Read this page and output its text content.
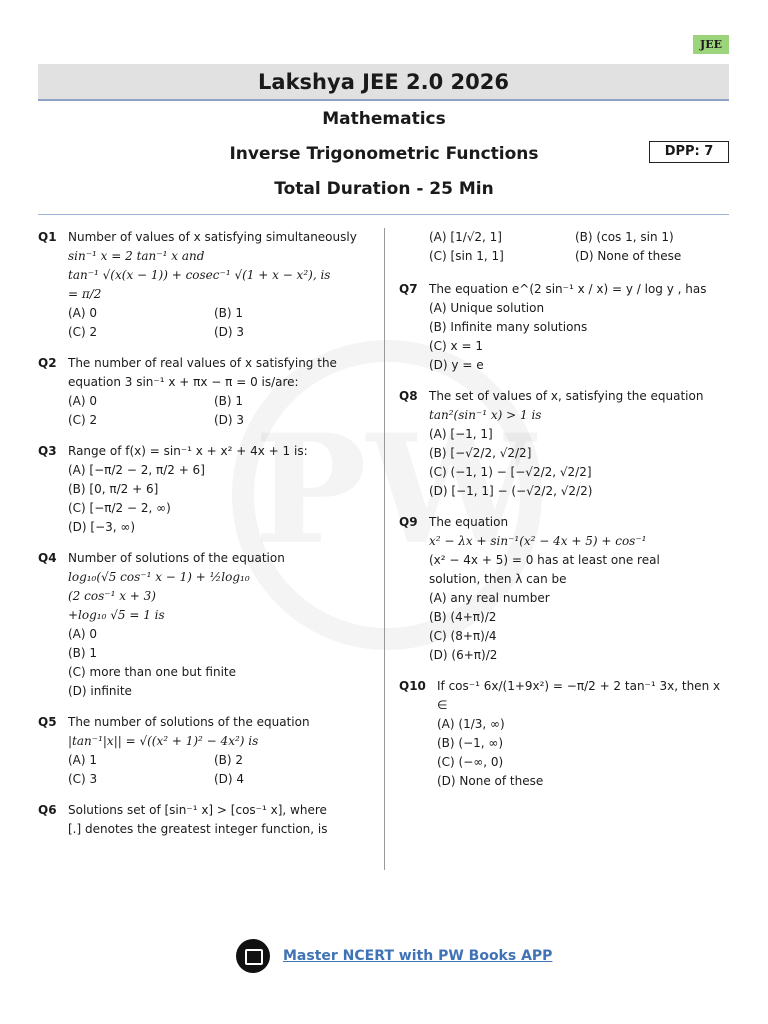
JEE
Lakshya JEE 2.0 2026
Mathematics
Inverse Trigonometric Functions
Total Duration - 25 Min
DPP: 7
Q1 Number of values of x satisfying simultaneously
sin⁻¹ x = 2 tan⁻¹ x and
tan⁻¹ √(x(x − 1)) + cosec⁻¹ √(1 + x − x²), is
= π/2
(A) 0	(B) 1
(C) 2	(D) 3
Q2 The number of real values of x satisfying the
equation 3 sin⁻¹ x + πx − π = 0 is/are:
(A) 0	(B) 1
(C) 2	(D) 3
Q3 Range of f(x) = sin⁻¹ x + x² + 4x + 1 is:
(A) [−π/2 − 2, π/2 + 6]
(B) [0, π/2 + 6]
(C) [−π/2 − 2, ∞)
(D) [−3, ∞)
Q4 Number of solutions of the equation
log₁₀(√5 cos⁻¹ x − 1) + ½log₁₀
(2 cos⁻¹ x + 3)
+log₁₀ √5 = 1 is
(A) 0
(B) 1
(C) more than one but finite
(D) infinite
Q5 The number of solutions of the equation
|tan⁻¹|x|| = √((x² + 1)² − 4x²) is
(A) 1	(B) 2
(C) 3	(D) 4
Q6 Solutions set of [sin⁻¹ x] > [cos⁻¹ x], where
[.] denotes the greatest integer function, is
(A) [1/√2, 1]	(B) (cos 1, sin 1)
(C) [sin 1, 1]	(D) None of these
Q7 The equation e^(2 sin⁻¹ x / x) = y / log y , has
(A) Unique solution
(B) Infinite many solutions
(C) x = 1
(D) y = e
Q8 The set of values of x, satisfying the equation
tan²(sin⁻¹ x) > 1 is
(A) [−1, 1]
(B) [−√2/2, √2/2]
(C) (−1, 1) − [−√2/2, √2/2]
(D) [−1, 1] − (−√2/2, √2/2)
Q9 The equation
x² − λx + sin⁻¹(x² − 4x + 5) + cos⁻¹
(x² − 4x + 5) = 0 has at least one real
solution, then λ can be
(A) any real number
(B) (4+π)/2
(C) (8+π)/4
(D) (6+π)/2
Q10 If cos⁻¹ 6x/(1+9x²) = −π/2 + 2 tan⁻¹ 3x, then x ∈
(A) (1/3, ∞)
(B) (−1, ∞)
(C) (−∞, 0)
(D) None of these
Master NCERT with PW Books APP
